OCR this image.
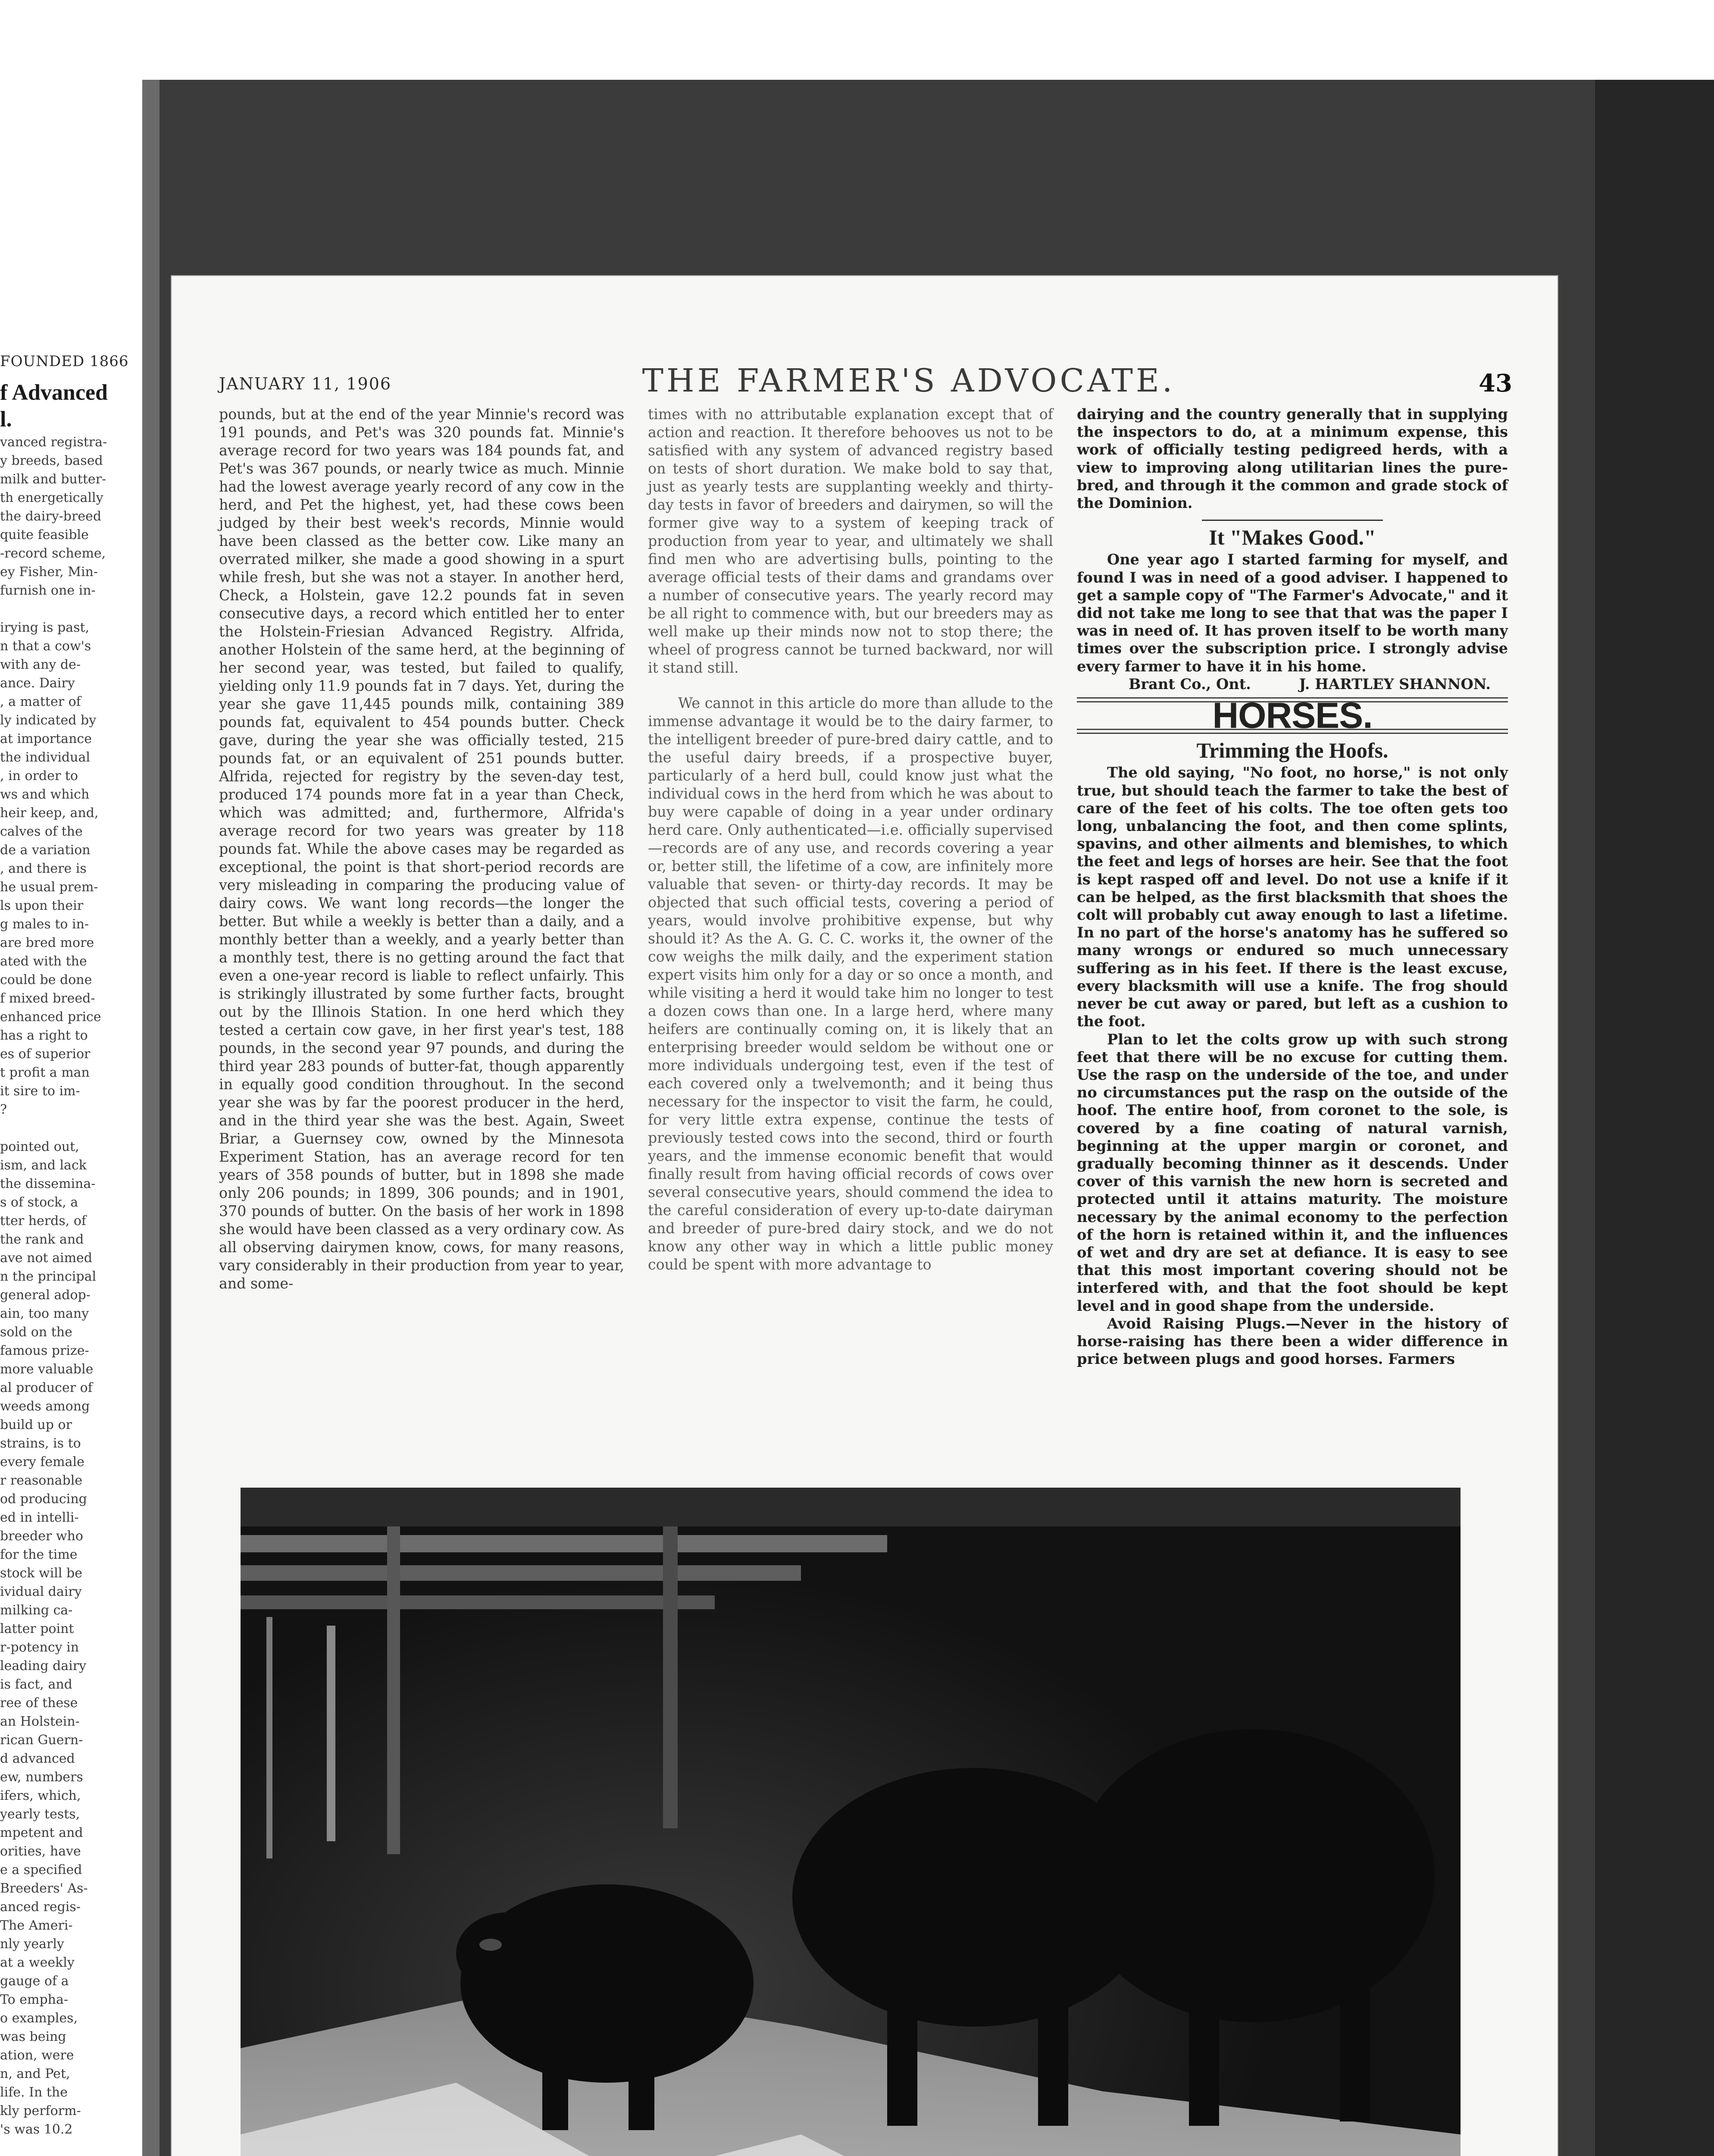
FOUNDED 1866
f Advanced
l.
vanced registra-
y breeds, based
milk and butter-
th energetically
the dairy-breed
quite feasible
-record scheme,
ey Fisher, Min-
furnish one in-

irying is past,
n that a cow's
with any de-
ance. Dairy
, a matter of
ly indicated by
at importance
the individual
, in order to
ws and which
heir keep, and,
calves of the
de a variation
, and there is
he usual prem-
ls upon their
g males to in-
are bred more
ated with the
could be done
f mixed breed-
enhanced price
has a right to
es of superior
t profit a man
it sire to im-
?

pointed out,
ism, and lack
the dissemina-
s of stock, a
tter herds, of
the rank and
ave not aimed
n the principal
general adop-
ain, too many
sold on the
famous prize-
more valuable
al producer of
weeds among
build up or
strains, is to
every female
r reasonable
od producing
ed in intelli-
breeder who
for the time
stock will be
ividual dairy
milking ca-
latter point
r-potency in
leading dairy
is fact, and
ree of these
an Holstein-
rican Guern-
d advanced
ew, numbers
ifers, which,
yearly tests,
mpetent and
orities, have
e a specified
Breeders' As-
anced regis-
The Ameri-
nly yearly
at a weekly
gauge of a
To empha-
o examples,
was being
ation, were
n, and Pet,
life. In the
kly perform-
's was 10.2
JANUARY 11, 1906	THE FARMER'S ADVOCATE.	43

pounds, but at the end of the year Minnie's record was 191 pounds, and Pet's was 320 pounds fat. Minnie's average record for two years was 184 pounds fat, and Pet's was 367 pounds, or nearly twice as much. Minnie had the lowest average yearly record of any cow in the herd, and Pet the highest, yet, had these cows been judged by their best week's records, Minnie would have been classed as the better cow. Like many an overrated milker, she made a good showing in a spurt while fresh, but she was not a stayer. In another herd, Check, a Holstein, gave 12.2 pounds fat in seven consecutive days, a record which entitled her to enter the Holstein-Friesian Advanced Registry. Alfrida, another Holstein of the same herd, at the beginning of her second year, was tested, but failed to qualify, yielding only 11.9 pounds fat in 7 days. Yet, during the year she gave 11,445 pounds milk, containing 389 pounds fat, equivalent to 454 pounds butter. Check gave, during the year she was officially tested, 215 pounds fat, or an equivalent of 251 pounds butter. Alfrida, rejected for registry by the seven-day test, produced 174 pounds more fat in a year than Check, which was admitted; and, furthermore, Alfrida's average record for two years was greater by 118 pounds fat. While the above cases may be regarded as exceptional, the point is that short-period records are very misleading in comparing the producing value of dairy cows. We want long records—the longer the better. But while a weekly is better than a daily, and a monthly better than a weekly, and a yearly better than a monthly test, there is no getting around the fact that even a one-year record is liable to reflect unfairly. This is strikingly illustrated by some further facts, brought out by the Illinois Station. In one herd which they tested a certain cow gave, in her first year's test, 188 pounds, in the second year 97 pounds, and during the third year 283 pounds of butter-fat, though apparently in equally good condition throughout. In the second year she was by far the poorest producer in the herd, and in the third year she was the best. Again, Sweet Briar, a Guernsey cow, owned by the Minnesota Experiment Station, has an average record for ten years of 358 pounds of butter, but in 1898 she made only 206 pounds; in 1899, 306 pounds; and in 1901, 370 pounds of butter. On the basis of her work in 1898 she would have been classed as a very ordinary cow. As all observing dairymen know, cows, for many reasons, vary considerably in their production from year to year, and some-

times with no attributable explanation except that of action and reaction. It therefore behooves us not to be satisfied with any system of advanced registry based on tests of short duration. We make bold to say that, just as yearly tests are supplanting weekly and thirty-day tests in favor of breeders and dairymen, so will the former give way to a system of keeping track of production from year to year, and ultimately we shall find men who are advertising bulls, pointing to the average official tests of their dams and grandams over a number of consecutive years. The yearly record may be all right to commence with, but our breeders may as well make up their minds now not to stop there; the wheel of progress cannot be turned backward, nor will it stand still.

We cannot in this article do more than allude to the immense advantage it would be to the dairy farmer, to the intelligent breeder of pure-bred dairy cattle, and to the useful dairy breeds, if a prospective buyer, particularly of a herd bull, could know just what the individual cows in the herd from which he was about to buy were capable of doing in a year under ordinary herd care. Only authenticated—i.e. officially supervised—records are of any use, and records covering a year or, better still, the lifetime of a cow, are infinitely more valuable that seven- or thirty-day records. It may be objected that such official tests, covering a period of years, would involve prohibitive expense, but why should it? As the A. G. C. C. works it, the owner of the cow weighs the milk daily, and the experiment station expert visits him only for a day or so once a month, and while visiting a herd it would take him no longer to test a dozen cows than one. In a large herd, where many heifers are continually coming on, it is likely that an enterprising breeder would seldom be without one or more individuals undergoing test, even if the test of each covered only a twelvemonth; and it being thus necessary for the inspector to visit the farm, he could, for very little extra expense, continue the tests of previously tested cows into the second, third or fourth years, and the immense economic benefit that would finally result from having official records of cows over several consecutive years, should commend the idea to the careful consideration of every up-to-date dairyman and breeder of pure-bred dairy stock, and we do not know any other way in which a little public money could be spent with more advantage to

dairying and the country generally that in supplying the inspectors to do, at a minimum expense, this work of officially testing pedigreed herds, with a view to improving along utilitarian lines the pure-bred, and through it the common and grade stock of the Dominion.

It "Makes Good."

One year ago I started farming for myself, and found I was in need of a good adviser. I happened to get a sample copy of "The Farmer's Advocate," and it did not take me long to see that that was the paper I was in need of. It has proven itself to be worth many times over the subscription price. I strongly advise every farmer to have it in his home.

Brant Co., Ont.	J. HARTLEY SHANNON.
HORSES.
Trimming the Hoofs.

The old saying, "No foot, no horse," is not only true, but should teach the farmer to take the best of care of the feet of his colts. The toe often gets too long, unbalancing the foot, and then come splints, spavins, and other ailments and blemishes, to which the feet and legs of horses are heir. See that the foot is kept rasped off and level. Do not use a knife if it can be helped, as the first blacksmith that shoes the colt will probably cut away enough to last a lifetime. In no part of the horse's anatomy has he suffered so many wrongs or endured so much unnecessary suffering as in his feet. If there is the least excuse, every blacksmith will use a knife. The frog should never be cut away or pared, but left as a cushion to the foot.

Plan to let the colts grow up with such strong feet that there will be no excuse for cutting them. Use the rasp on the underside of the toe, and under no circumstances put the rasp on the outside of the hoof. The entire hoof, from coronet to the sole, is covered by a fine coating of natural varnish, beginning at the upper margin or coronet, and gradually becoming thinner as it descends. Under cover of this varnish the new horn is secreted and protected until it attains maturity. The moisture necessary by the animal economy to the perfection of the horn is retained within it, and the influences of wet and dry are set at defiance. It is easy to see that this most important covering should not be interfered with, and that the foot should be kept level and in good shape from the underside.

Avoid Raising Plugs.—Never in the history of horse-raising has there been a wider difference in price between plugs and good horses. Farmers
